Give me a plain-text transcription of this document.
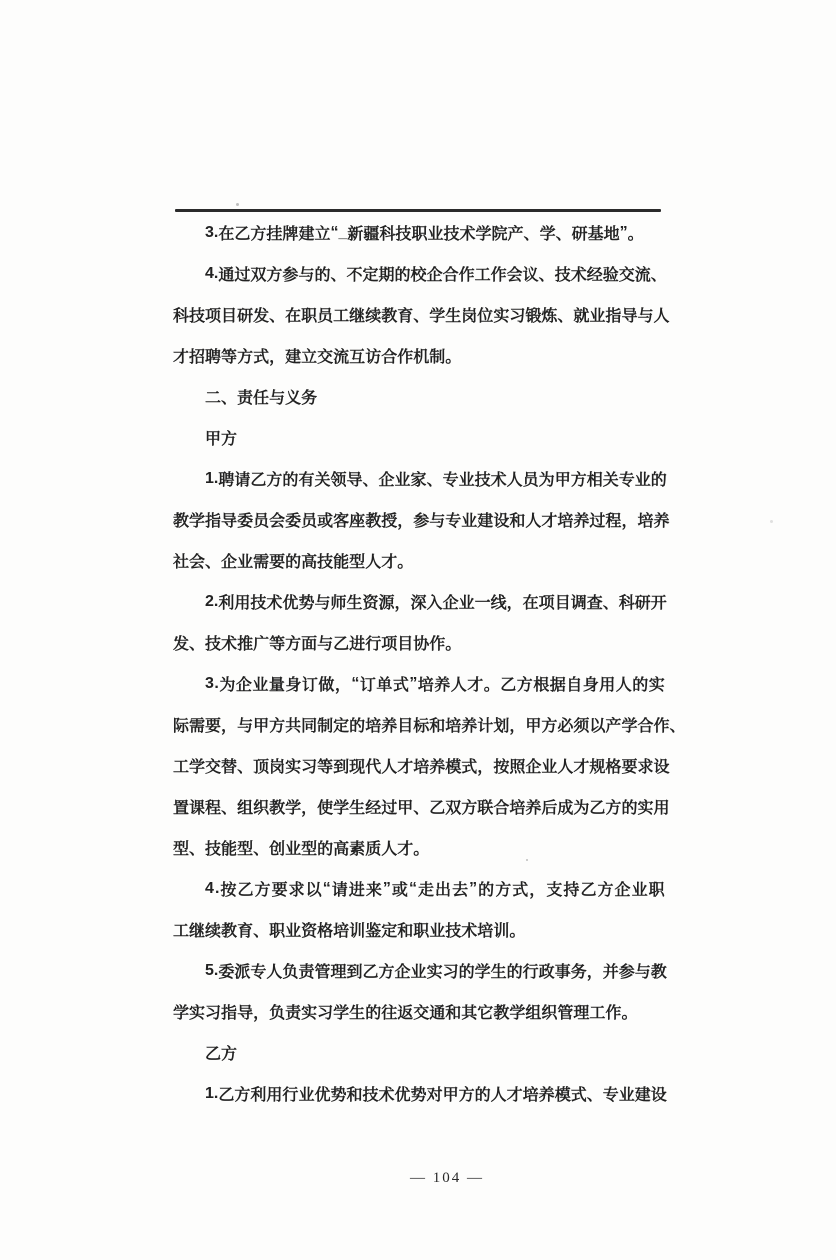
3 . 在 乙 方 挂 牌 建 立 “ _ 新 疆 科 技 职 业 技 术 学 院 产 、 学 、 研 基 地 ” 。
4 . 通 过 双 方 参 与 的 、 不 定 期 的 校 企 合 作 工 作 会 议 、 技 术 经 验 交 流 、
科 技 项 目 研 发 、 在 职 员 工 继 续 教 育 、 学 生 岗 位 实 习 锻 炼 、 就 业 指 导 与 人
才 招 聘 等 方 式 ， 建 立 交 流 互 访 合 作 机 制 。
二 、 责 任 与 义 务
甲 方
1 . 聘 请 乙 方 的 有 关 领 导 、 企 业 家 、 专 业 技 术 人 员 为 甲 方 相 关 专 业 的
教 学 指 导 委 员 会 委 员 或 客 座 教 授 ， 参 与 专 业 建 设 和 人 才 培 养 过 程 ， 培 养
社 会 、 企 业 需 要 的 高 技 能 型 人 才 。
2 . 利 用 技 术 优 势 与 师 生 资 源 ， 深 入 企 业 一 线 ， 在 项 目 调 查 、 科 研 开
发 、 技 术 推 广 等 方 面 与 乙 进 行 项 目 协 作 。
3 . 为 企 业 量 身 订 做 ， “ 订 单 式 ” 培 养 人 才 。 乙 方 根 据 自 身 用 人 的 实
际 需 要 ， 与 甲 方 共 同 制 定 的 培 养 目 标 和 培 养 计 划 ， 甲 方 必 须 以 产 学 合 作 、
工 学 交 替 、 顶 岗 实 习 等 到 现 代 人 才 培 养 模 式 ， 按 照 企 业 人 才 规 格 要 求 设
置 课 程 、 组 织 教 学 ， 使 学 生 经 过 甲 、 乙 双 方 联 合 培 养 后 成 为 乙 方 的 实 用
型 、 技 能 型 、 创 业 型 的 高 素 质 人 才 。
4 . 按 乙 方 要 求 以 “ 请 进 来 ” 或 “ 走 出 去 ” 的 方 式 ， 支 持 乙 方 企 业 职
工 继 续 教 育 、 职 业 资 格 培 训 鉴 定 和 职 业 技 术 培 训 。
5 . 委 派 专 人 负 责 管 理 到 乙 方 企 业 实 习 的 学 生 的 行 政 事 务 ， 并 参 与 教
学 实 习 指 导 ， 负 责 实 习 学 生 的 往 返 交 通 和 其 它 教 学 组 织 管 理 工 作 。
乙 方
1 . 乙 方 利 用 行 业 优 势 和 技 术 优 势 对 甲 方 的 人 才 培 养 模 式 、 专 业 建 设
— 104 —
